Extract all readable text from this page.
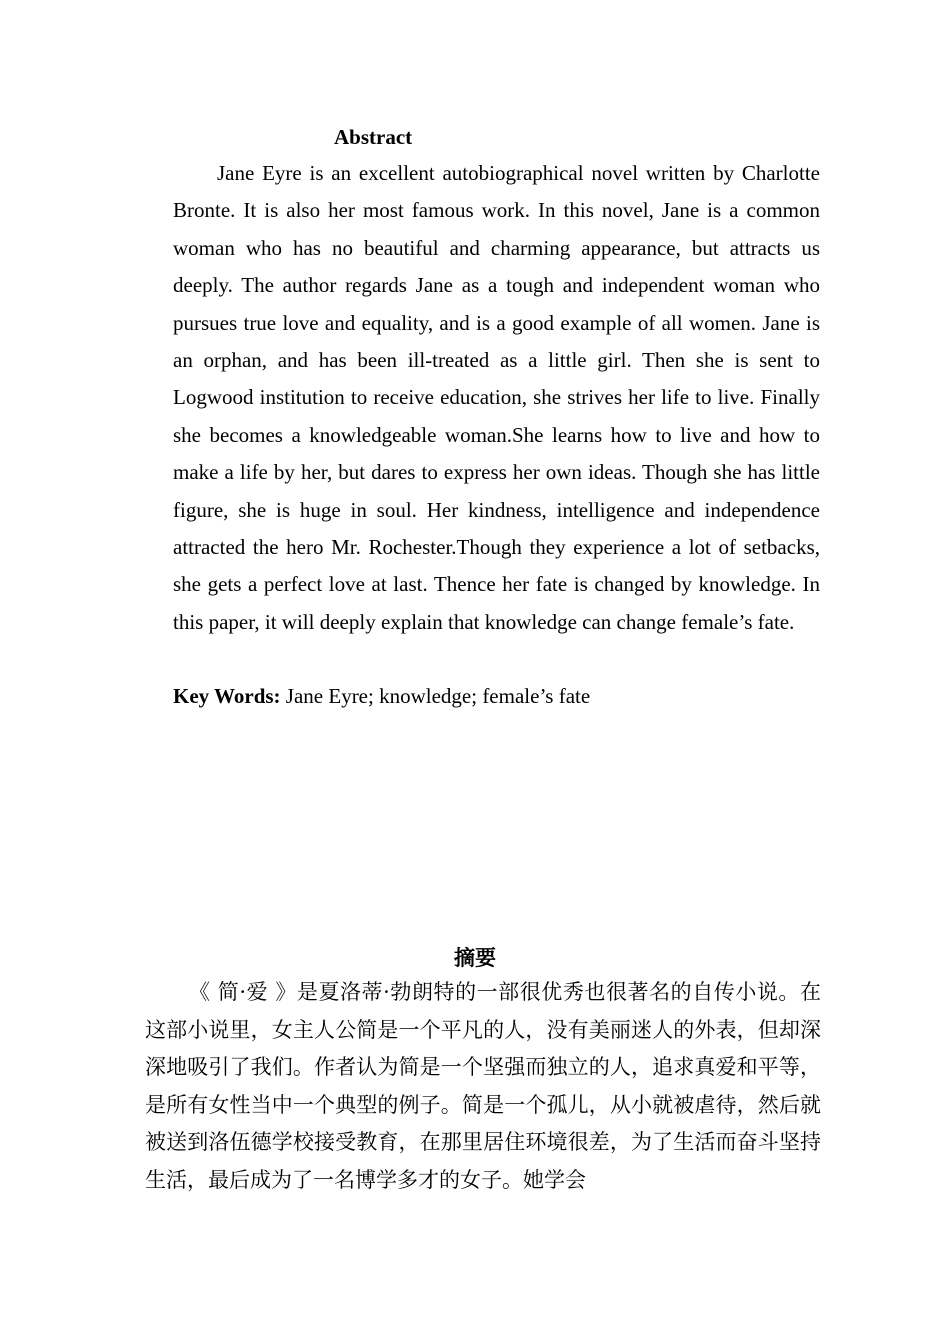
Abstract

Jane Eyre is an excellent autobiographical novel written by Charlotte Bronte. It is also her most famous work. In this novel, Jane is a common woman who has no beautiful and charming appearance, but attracts us deeply. The author regards Jane as a tough and independent woman who pursues true love and equality, and is a good example of all women. Jane is an orphan, and has been ill-treated as a little girl. Then she is sent to Logwood institution to receive education, she strives her life to live. Finally she becomes a knowledgeable woman.She learns how to live and how to make a life by her, but dares to express her own ideas. Though she has little figure, she is huge in soul. Her kindness, intelligence and independence attracted the hero Mr. Rochester.Though they experience a lot of setbacks, she gets a perfect love at last. Thence her fate is changed by knowledge. In this paper, it will deeply explain that knowledge can change female’s fate.

Key Words: Jane Eyre; knowledge; female’s fate

摘要

《 简·爱 》是夏洛蒂·勃朗特的一部很优秀也很著名的自传小说。在这部小说里，女主人公简是一个平凡的人，没有美丽迷人的外表，但却深深地吸引了我们。作者认为简是一个坚强而独立的人，追求真爱和平等，是所有女性当中一个典型的例子。简是一个孤儿，从小就被虐待，然后就被送到洛伍德学校接受教育，在那里居住环境很差，为了生活而奋斗坚持生活，最后成为了一名博学多才的女子。她学会
